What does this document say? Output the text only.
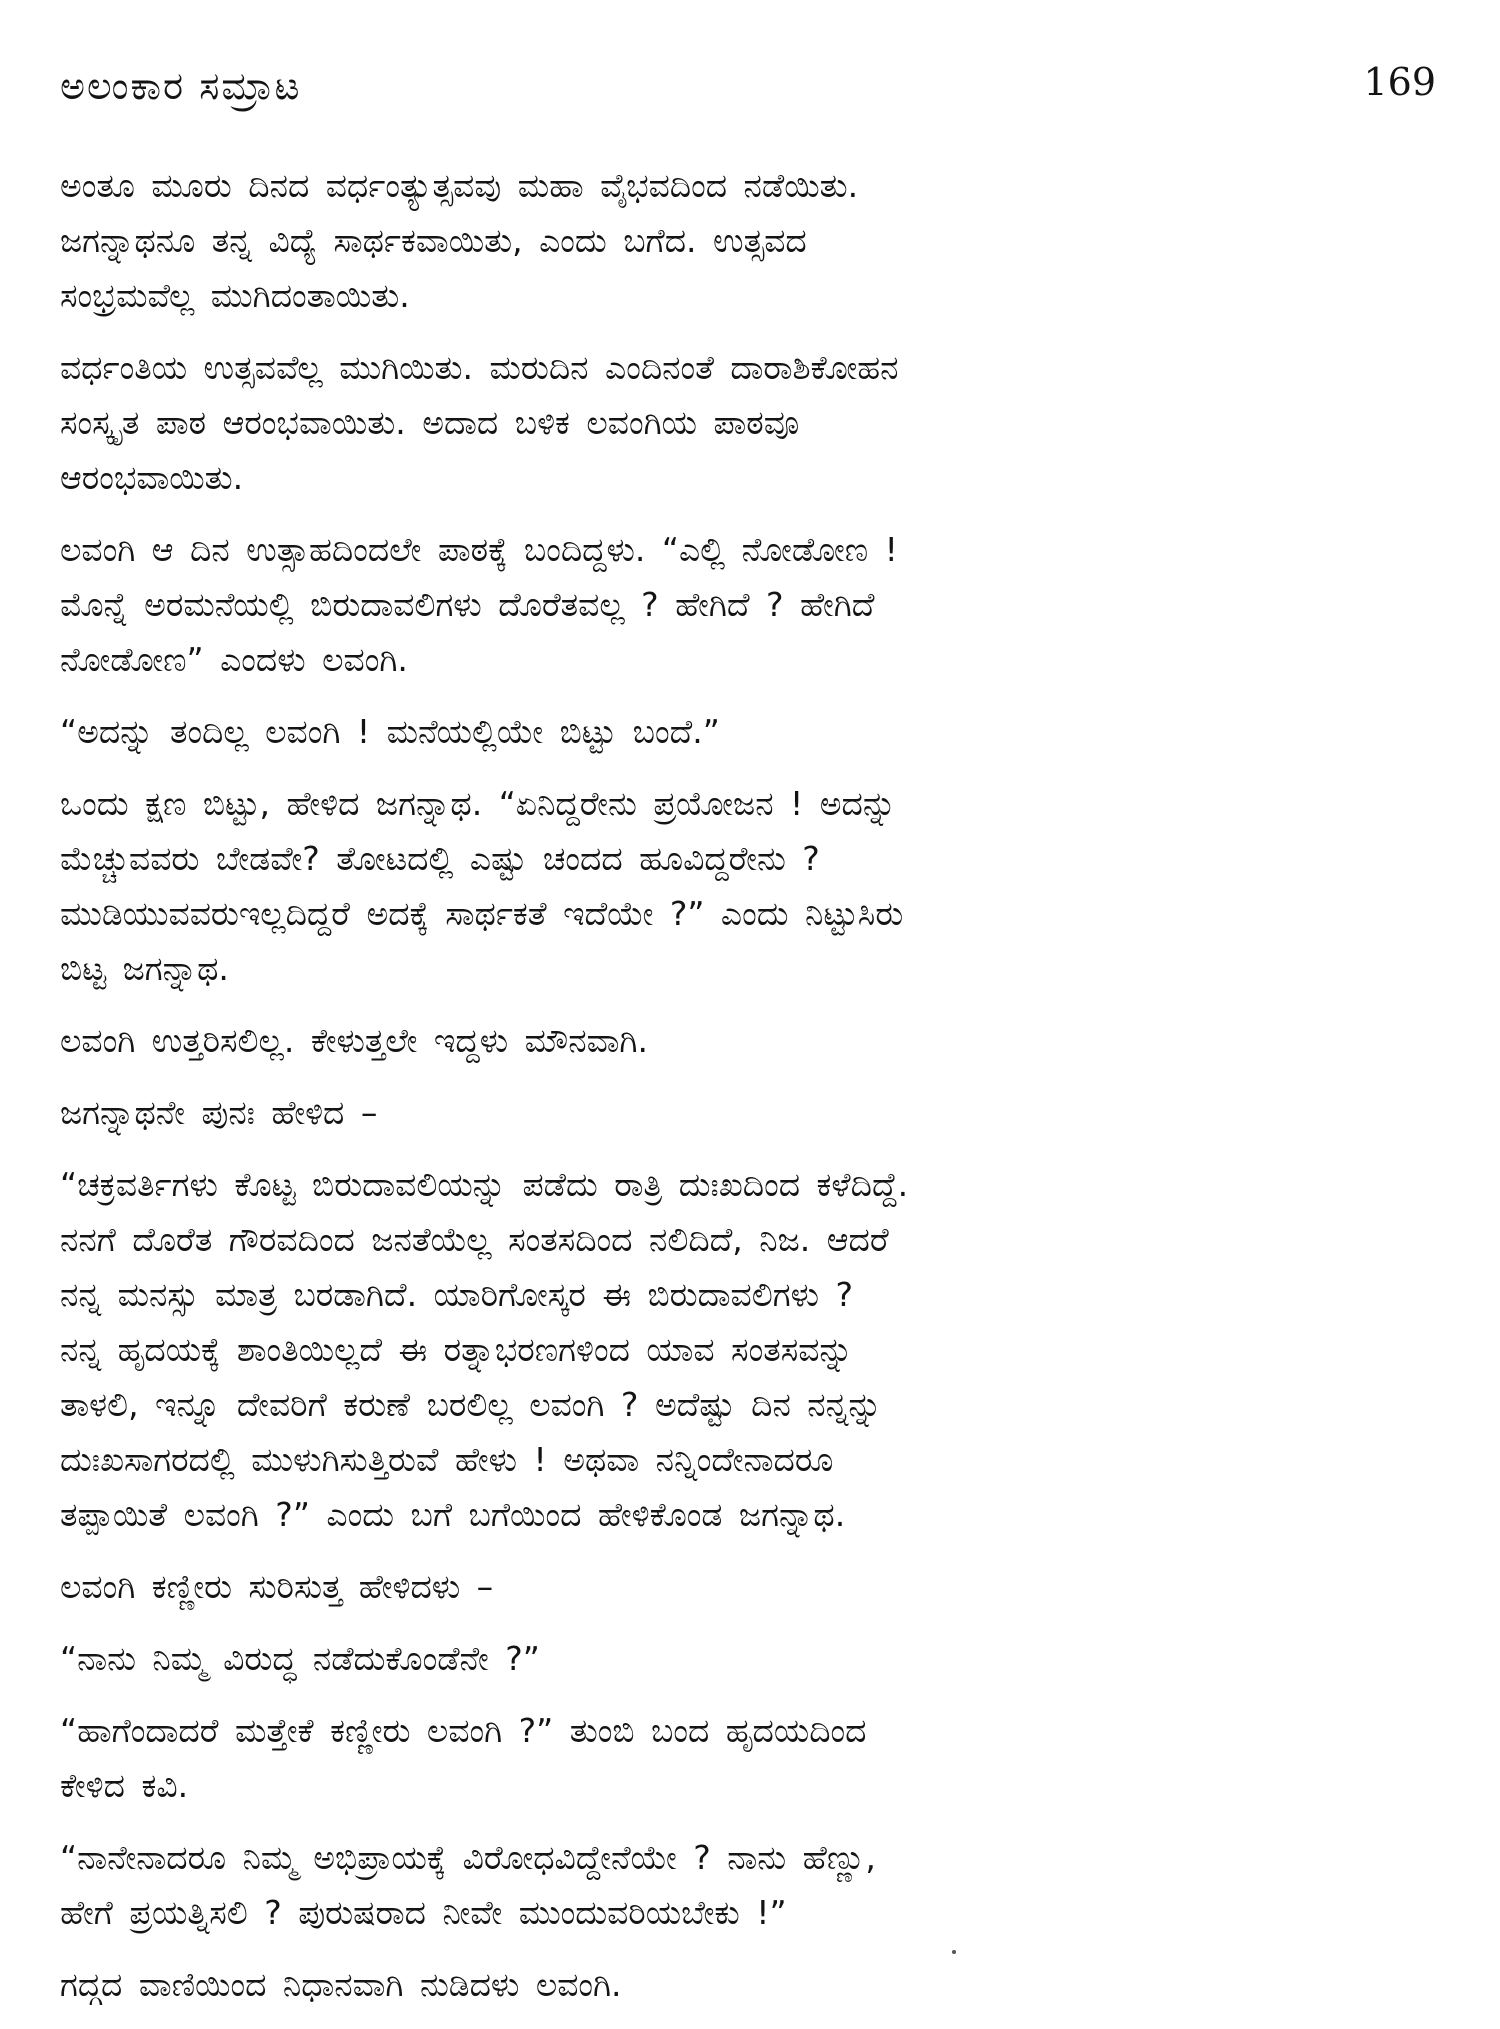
ಅಲಂಕಾರ ಸಮ್ರಾಟ	169
ಅಂತೂ ಮೂರು ದಿನದ ವರ್ಧಂತ್ಯುತ್ಸವವು ಮಹಾ ವೈಭವದಿಂದ ನಡೆಯಿತು.
ಜಗನ್ನಾಥನೂ ತನ್ನ ವಿದ್ಯೆ ಸಾರ್ಥಕವಾಯಿತು, ಎಂದು ಬಗೆದ. ಉತ್ಸವದ
ಸಂಭ್ರಮವೆಲ್ಲ ಮುಗಿದಂತಾಯಿತು.
ವರ್ಧಂತಿಯ ಉತ್ಸವವೆಲ್ಲ ಮುಗಿಯಿತು. ಮರುದಿನ ಎಂದಿನಂತೆ ದಾರಾಶಿಕೋಹನ
ಸಂಸ್ಕೃತ ಪಾಠ ಆರಂಭವಾಯಿತು. ಅದಾದ ಬಳಿಕ ಲವಂಗಿಯ ಪಾಠವೂ
ಆರಂಭವಾಯಿತು.
ಲವಂಗಿ ಆ ದಿನ ಉತ್ಸಾಹದಿಂದಲೇ ಪಾಠಕ್ಕೆ ಬಂದಿದ್ದಳು. “ಎಲ್ಲಿ ನೋಡೋಣ !
ಮೊನ್ನೆ ಅರಮನೆಯಲ್ಲಿ ಬಿರುದಾವಲಿಗಳು ದೊರೆತವಲ್ಲ ? ಹೇಗಿದೆ ? ಹೇಗಿದೆ
ನೋಡೋಣ” ಎಂದಳು ಲವಂಗಿ.
“ಅದನ್ನು ತಂದಿಲ್ಲ ಲವಂಗಿ ! ಮನೆಯಲ್ಲಿಯೇ ಬಿಟ್ಟು ಬಂದೆ.”
ಒಂದು ಕ್ಷಣ ಬಿಟ್ಟು, ಹೇಳಿದ ಜಗನ್ನಾಥ. “ಏನಿದ್ದರೇನು ಪ್ರಯೋಜನ ! ಅದನ್ನು
ಮೆಚ್ಚುವವರು ಬೇಡವೇ? ತೋಟದಲ್ಲಿ ಎಷ್ಟು ಚಂದದ ಹೂವಿದ್ದರೇನು ?
ಮುಡಿಯುವವರುಇಲ್ಲದಿದ್ದರೆ ಅದಕ್ಕೆ ಸಾರ್ಥಕತೆ ಇದೆಯೇ ?” ಎಂದು ನಿಟ್ಟುಸಿರು
ಬಿಟ್ಟ ಜಗನ್ನಾಥ.
ಲವಂಗಿ ಉತ್ತರಿಸಲಿಲ್ಲ. ಕೇಳುತ್ತಲೇ ಇದ್ದಳು ಮೌನವಾಗಿ.
ಜಗನ್ನಾಥನೇ ಪುನಃ ಹೇಳಿದ –
“ಚಕ್ರವರ್ತಿಗಳು ಕೊಟ್ಟ ಬಿರುದಾವಲಿಯನ್ನು ಪಡೆದು ರಾತ್ರಿ ದುಃಖದಿಂದ ಕಳೆದಿದ್ದೆ.
ನನಗೆ ದೊರೆತ ಗೌರವದಿಂದ ಜನತೆಯೆಲ್ಲ ಸಂತಸದಿಂದ ನಲಿದಿದೆ, ನಿಜ. ಆದರೆ
ನನ್ನ ಮನಸ್ಸು ಮಾತ್ರ ಬರಡಾಗಿದೆ. ಯಾರಿಗೋಸ್ಕರ ಈ ಬಿರುದಾವಲಿಗಳು ?
ನನ್ನ ಹೃದಯಕ್ಕೆ ಶಾಂತಿಯಿಲ್ಲದೆ ಈ ರತ್ನಾಭರಣಗಳಿಂದ ಯಾವ ಸಂತಸವನ್ನು
ತಾಳಲಿ, ಇನ್ನೂ ದೇವರಿಗೆ ಕರುಣೆ ಬರಲಿಲ್ಲ ಲವಂಗಿ ? ಅದೆಷ್ಟು ದಿನ ನನ್ನನ್ನು
ದುಃಖಸಾಗರದಲ್ಲಿ ಮುಳುಗಿಸುತ್ತಿರುವೆ ಹೇಳು ! ಅಥವಾ ನನ್ನಿಂದೇನಾದರೂ
ತಪ್ಪಾಯಿತೆ ಲವಂಗಿ ?” ಎಂದು ಬಗೆ ಬಗೆಯಿಂದ ಹೇಳಿಕೊಂಡ ಜಗನ್ನಾಥ.
ಲವಂಗಿ ಕಣ್ಣೀರು ಸುರಿಸುತ್ತ ಹೇಳಿದಳು –
“ನಾನು ನಿಮ್ಮ ವಿರುದ್ಧ ನಡೆದುಕೊಂಡೆನೇ ?”
“ಹಾಗೆಂದಾದರೆ ಮತ್ತೇಕೆ ಕಣ್ಣೀರು ಲವಂಗಿ ?” ತುಂಬಿ ಬಂದ ಹೃದಯದಿಂದ
ಕೇಳಿದ ಕವಿ.
“ನಾನೇನಾದರೂ ನಿಮ್ಮ ಅಭಿಪ್ರಾಯಕ್ಕೆ ವಿರೋಧವಿದ್ದೇನೆಯೇ ? ನಾನು ಹೆಣ್ಣು,
ಹೇಗೆ ಪ್ರಯತ್ನಿಸಲಿ ? ಪುರುಷರಾದ ನೀವೇ ಮುಂದುವರಿಯಬೇಕು !”
ಗದ್ಗದ ವಾಣಿಯಿಂದ ನಿಧಾನವಾಗಿ ನುಡಿದಳು ಲವಂಗಿ.
